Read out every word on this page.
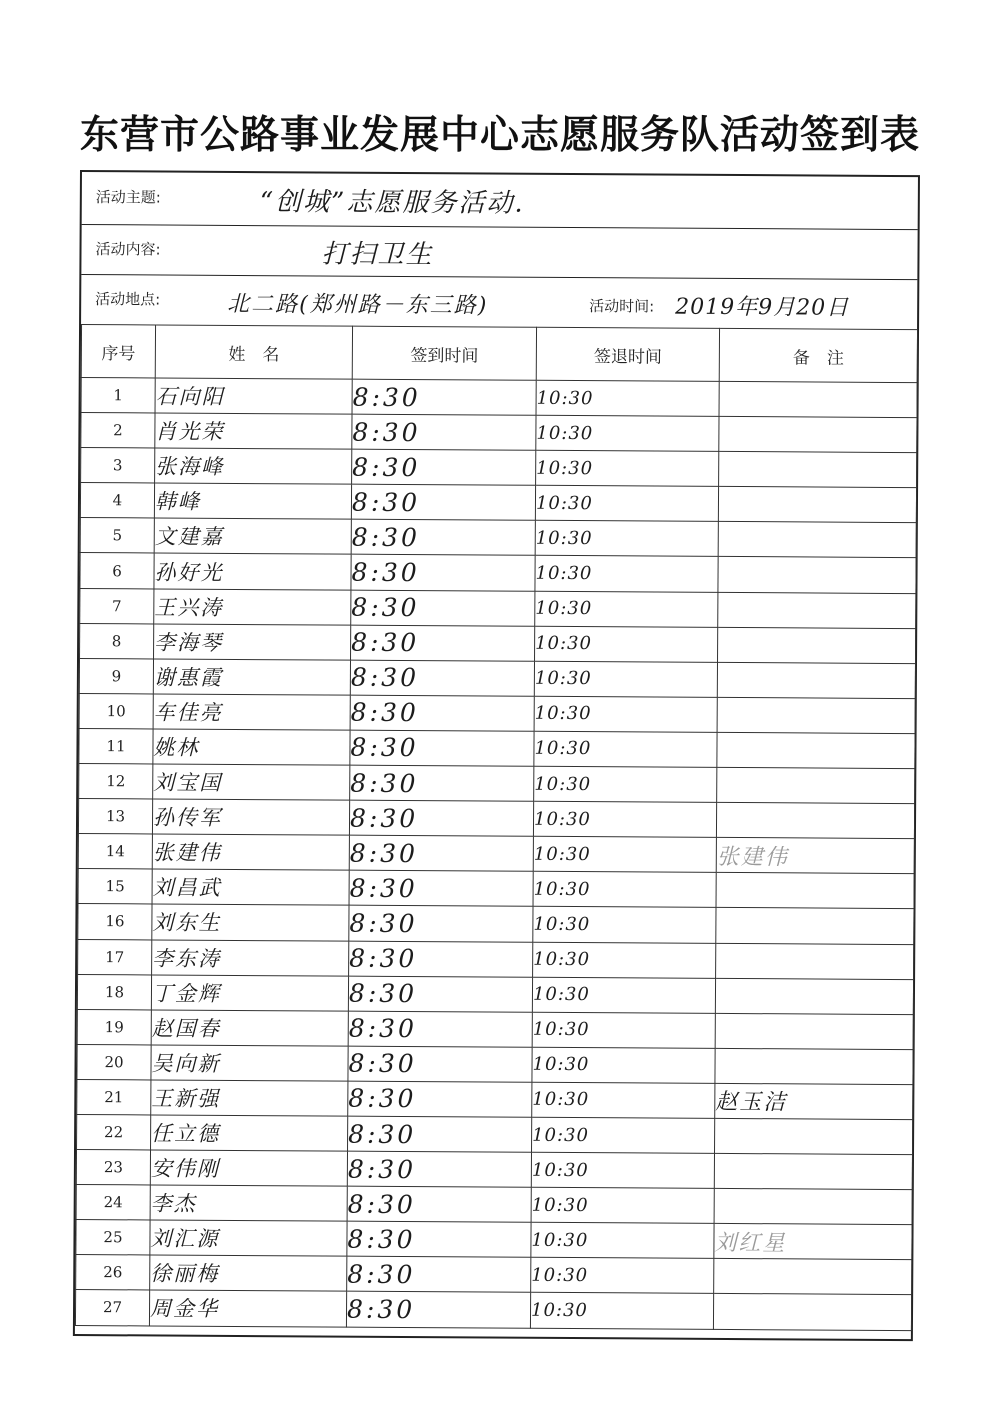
东营市公路事业发展中心志愿服务队活动签到表
活动主题:	“创城”志愿服务活动.
活动内容:	打扫卫生
活动地点:	北二路(郑州路－东三路)	活动时间: 2019年9月20日
序号	姓　名	签到时间	签退时间	备　注
1	石向阳	8:30	10:30	
2	肖光荣	8:30	10:30	
3	张海峰	8:30	10:30	
4	韩峰	8:30	10:30	
5	文建嘉	8:30	10:30	
6	孙好光	8:30	10:30	
7	王兴涛	8:30	10:30	
8	李海琴	8:30	10:30	
9	谢惠霞	8:30	10:30	
10	车佳亮	8:30	10:30	
11	姚林	8:30	10:30	
12	刘宝国	8:30	10:30	
13	孙传军	8:30	10:30	
14	张建伟	8:30	10:30	张建伟
15	刘昌武	8:30	10:30	
16	刘东生	8:30	10:30	
17	李东涛	8:30	10:30	
18	丁金辉	8:30	10:30	
19	赵国春	8:30	10:30	
20	吴向新	8:30	10:30	
21	王新强	8:30	10:30	赵玉洁
22	任立德	8:30	10:30	
23	安伟刚	8:30	10:30	
24	李杰	8:30	10:30	
25	刘汇源	8:30	10:30	刘红星
26	徐丽梅	8:30	10:30	
27	周金华	8:30	10:30	
